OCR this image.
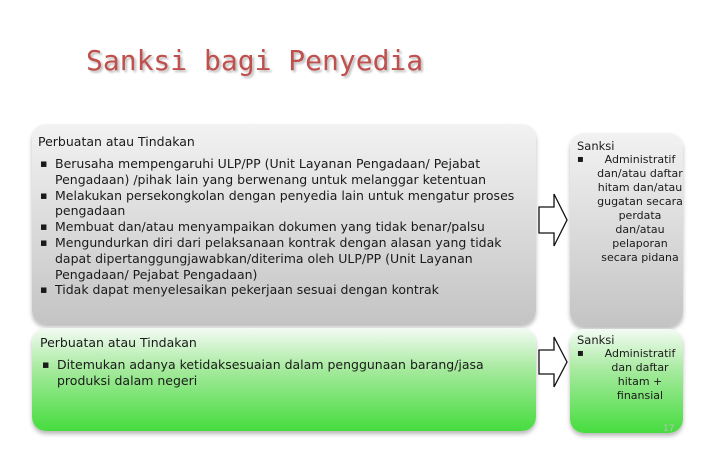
Sanksi bagi Penyedia
Perbuatan atau Tindakan
▪ Berusaha mempengaruhi ULP/PP (Unit Layanan Pengadaan/ Pejabat Pengadaan) /pihak lain yang berwenang untuk melanggar ketentuan
▪ Melakukan persekongkolan dengan penyedia lain untuk mengatur proses pengadaan
▪ Membuat dan/atau menyampaikan dokumen yang tidak benar/palsu
▪ Mengundurkan diri dari pelaksanaan kontrak dengan alasan yang tidak dapat dipertanggungjawabkan/diterima oleh ULP/PP (Unit Layanan Pengadaan/ Pejabat Pengadaan)
▪ Tidak dapat menyelesaikan pekerjaan sesuai dengan kontrak
Sanksi
▪ Administratif dan/atau daftar hitam dan/atau gugatan secara perdata dan/atau pelaporan secara pidana
Perbuatan atau Tindakan
▪ Ditemukan adanya ketidaksesuaian dalam penggunaan barang/jasa produksi dalam negeri
Sanksi
▪ Administratif dan daftar hitam + finansial
17
